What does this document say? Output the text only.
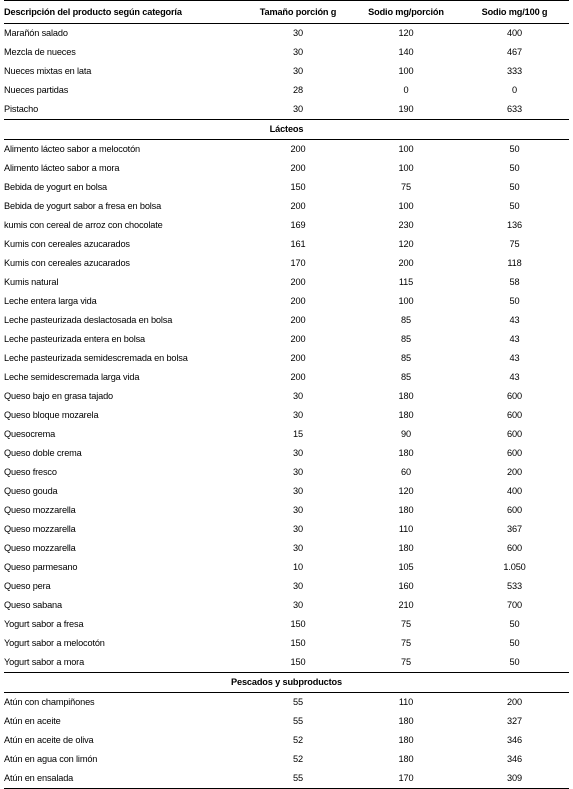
Descripción del producto según categoría	Tamaño porción g	Sodio mg/porción	Sodio mg/100 g
Marañón salado	30	120	400
Mezcla de nueces	30	140	467
Nueces mixtas en lata	30	100	333
Nueces partidas	28	0	0
Pistacho	30	190	633
Lácteos			
Alimento lácteo sabor a melocotón	200	100	50
Alimento lácteo sabor a mora	200	100	50
Bebida de yogurt en bolsa	150	75	50
Bebida de yogurt sabor a fresa en bolsa	200	100	50
kumis con cereal de arroz con chocolate	169	230	136
Kumis con cereales azucarados	161	120	75
Kumis con cereales azucarados	170	200	118
Kumis natural	200	115	58
Leche entera larga vida	200	100	50
Leche pasteurizada deslactosada en bolsa	200	85	43
Leche pasteurizada entera en bolsa	200	85	43
Leche pasteurizada semidescremada en bolsa	200	85	43
Leche semidescremada larga vida	200	85	43
Queso bajo en grasa tajado	30	180	600
Queso bloque mozarela	30	180	600
Quesocrema	15	90	600
Queso doble crema	30	180	600
Queso fresco	30	60	200
Queso gouda	30	120	400
Queso mozzarella	30	180	600
Queso mozzarella	30	110	367
Queso mozzarella	30	180	600
Queso parmesano	10	105	1.050
Queso pera	30	160	533
Queso sabana	30	210	700
Yogurt sabor a fresa	150	75	50
Yogurt sabor a melocotón	150	75	50
Yogurt sabor a mora	150	75	50
Pescados y subproductos			
Atún con champiñones	55	110	200
Atún en aceite	55	180	327
Atún en aceite de oliva	52	180	346
Atún en agua con limón	52	180	346
Atún en ensalada	55	170	309
